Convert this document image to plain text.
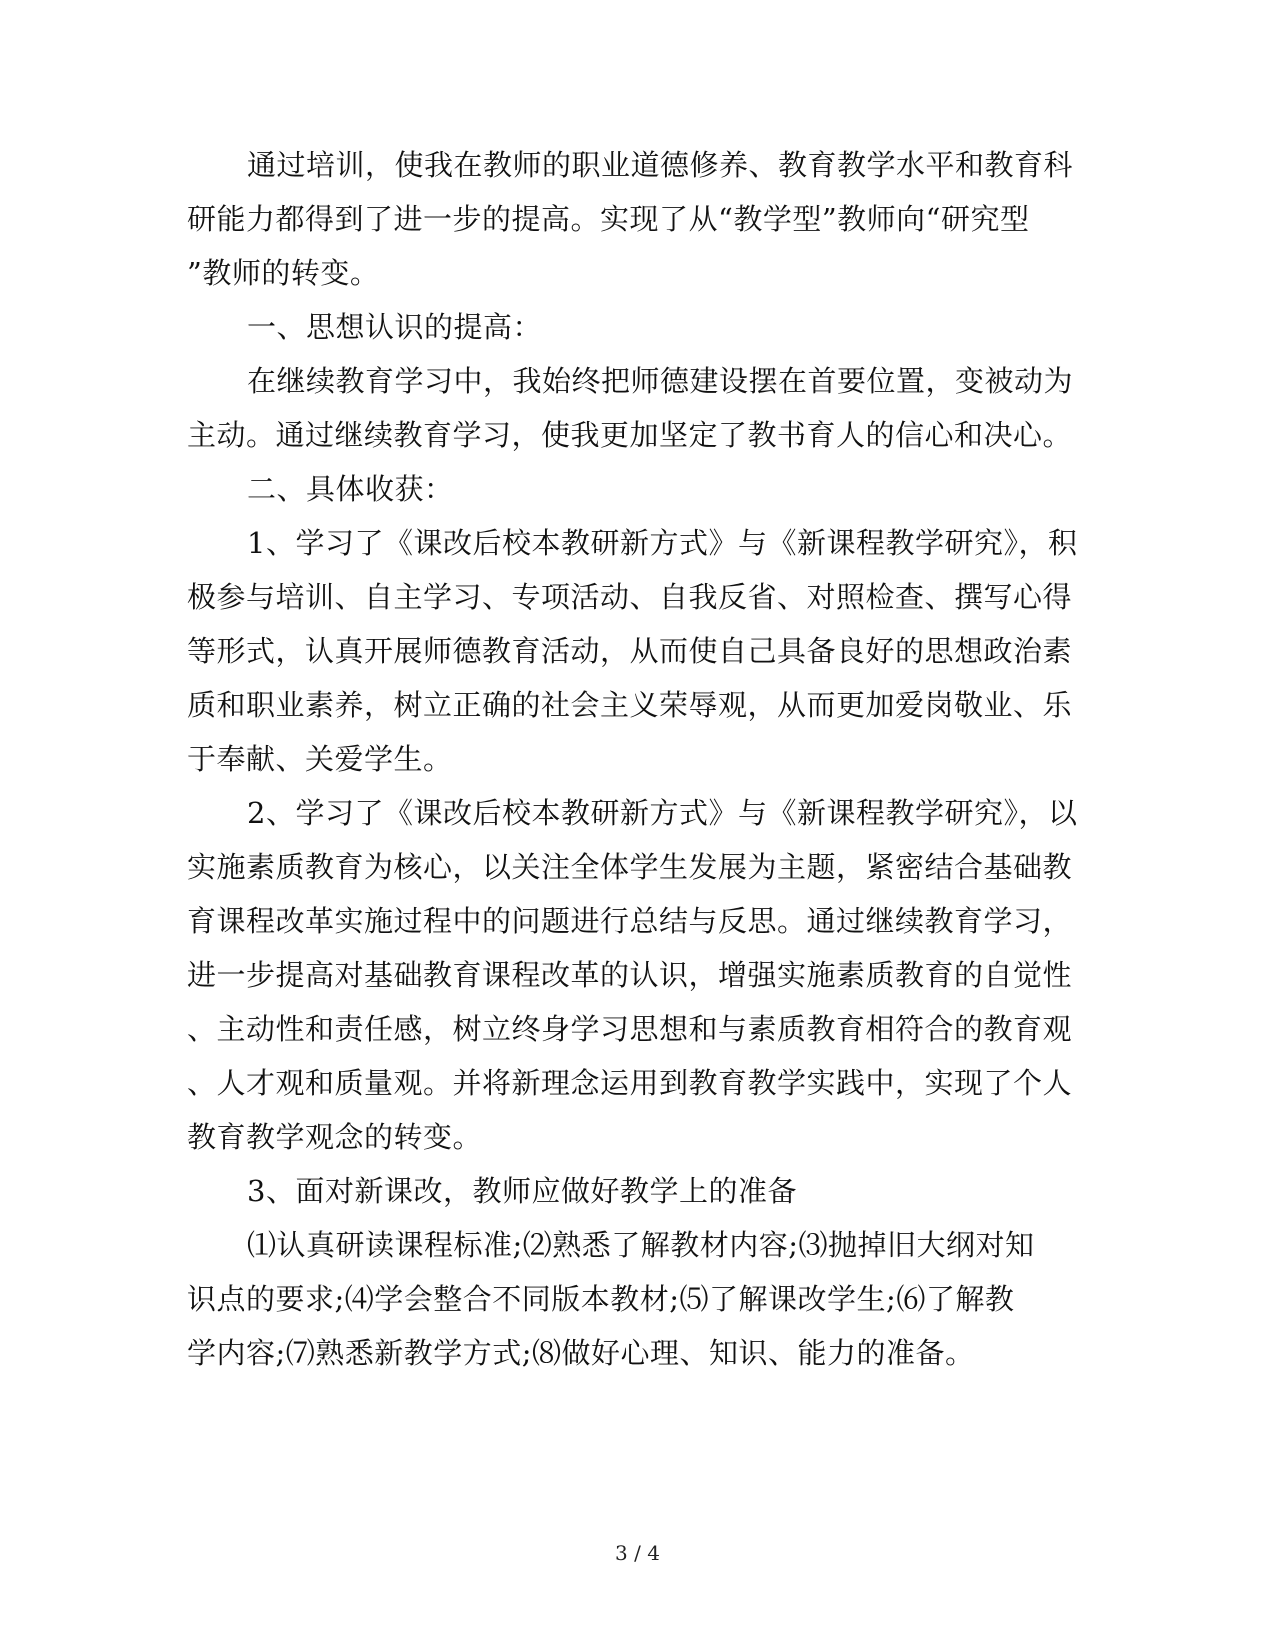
通过培训，使我在教师的职业道德修养、教育教学水平和教育科

研能力都得到了进一步的提高。实现了从“教学型”教师向“研究型

”教师的转变。

一、思想认识的提高：

在继续教育学习中，我始终把师德建设摆在首要位置，变被动为

主动。通过继续教育学习，使我更加坚定了教书育人的信心和决心。

二、具体收获：

1、学习了《课改后校本教研新方式》与《新课程教学研究》，积

极参与培训、自主学习、专项活动、自我反省、对照检查、撰写心得

等形式，认真开展师德教育活动，从而使自己具备良好的思想政治素

质和职业素养，树立正确的社会主义荣辱观，从而更加爱岗敬业、乐

于奉献、关爱学生。

2、学习了《课改后校本教研新方式》与《新课程教学研究》，以

实施素质教育为核心，以关注全体学生发展为主题，紧密结合基础教

育课程改革实施过程中的问题进行总结与反思。通过继续教育学习，

进一步提高对基础教育课程改革的认识，增强实施素质教育的自觉性

、主动性和责任感，树立终身学习思想和与素质教育相符合的教育观

、人才观和质量观。并将新理念运用到教育教学实践中，实现了个人

教育教学观念的转变。

3、面对新课改，教师应做好教学上的准备

⑴认真研读课程标准;⑵熟悉了解教材内容;⑶抛掉旧大纲对知

识点的要求;⑷学会整合不同版本教材;⑸了解课改学生;⑹了解教

学内容;⑺熟悉新教学方式;⑻做好心理、知识、能力的准备。

3 / 4
